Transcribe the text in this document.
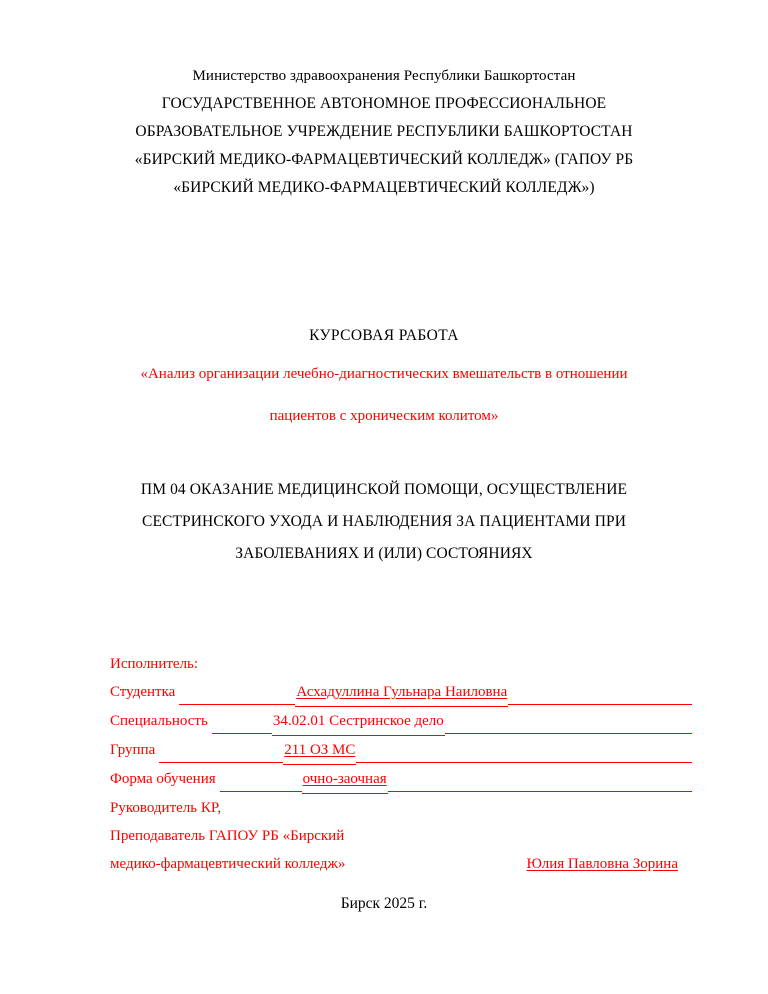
Министерство здравоохранения Республики Башкортостан
ГОСУДАРСТВЕННОЕ АВТОНОМНОЕ ПРОФЕССИОНАЛЬНОЕ
ОБРАЗОВАТЕЛЬНОЕ УЧРЕЖДЕНИЕ РЕСПУБЛИКИ БАШКОРТОСТАН
«БИРСКИЙ МЕДИКО-ФАРМАЦЕВТИЧЕСКИЙ КОЛЛЕДЖ» (ГАПОУ РБ
«БИРСКИЙ МЕДИКО-ФАРМАЦЕВТИЧЕСКИЙ КОЛЛЕДЖ»)
КУРСОВАЯ РАБОТА
«Анализ организации лечебно-диагностических вмешательств в отношении
пациентов с хроническим колитом»
ПМ 04 ОКАЗАНИЕ МЕДИЦИНСКОЙ ПОМОЩИ, ОСУЩЕСТВЛЕНИЕ
СЕСТРИНСКОГО УХОДА И НАБЛЮДЕНИЯ ЗА ПАЦИЕНТАМИ ПРИ
ЗАБОЛЕВАНИЯХ И (ИЛИ) СОСТОЯНИЯХ
Исполнитель:
Студентка	Асхадуллина Гульнара Наиловна
Специальность	34.02.01 Сестринское дело
Группа	211 ОЗ МС
Форма обучения	очно-заочная
Руководитель КР,
Преподаватель ГАПОУ РБ «Бирский
медико-фармацевтический колледж»	Юлия Павловна Зорина
Бирск 2025 г.
